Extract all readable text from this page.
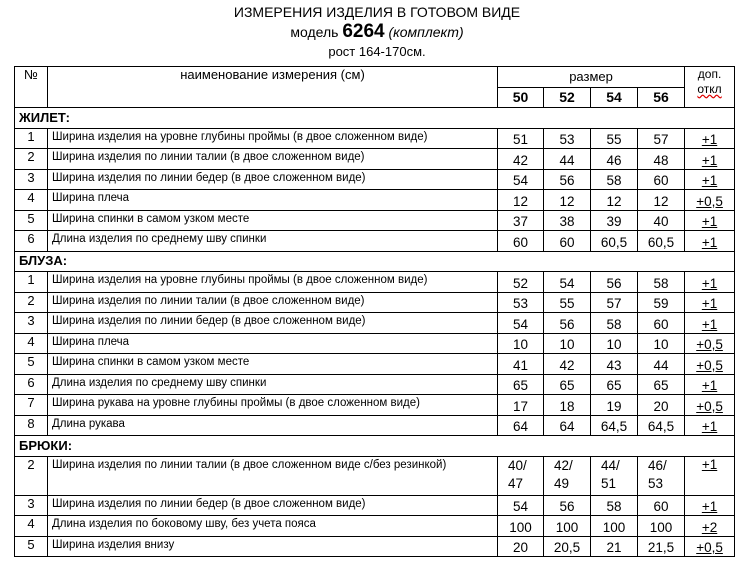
ИЗМЕРЕНИЯ ИЗДЕЛИЯ В ГОТОВОМ ВИДЕ
модель 6264 (комплект)
рост 164-170см.
№	наименование измерения (см)	размер				доп.
откл
		50	52	54	56	
ЖИЛЕТ:						
1	Ширина изделия на уровне глубины проймы (в двое сложенном виде)	51	53	55	57	+1
2	Ширина изделия по линии талии (в двое сложенном виде)	42	44	46	48	+1
3	Ширина изделия по линии бедер (в двое сложенном виде)	54	56	58	60	+1
4	Ширина плеча	12	12	12	12	+0,5
5	Ширина спинки в самом узком месте	37	38	39	40	+1
6	Длина изделия по среднему шву спинки	60	60	60,5	60,5	+1
БЛУЗА:						
1	Ширина изделия на уровне глубины проймы (в двое сложенном виде)	52	54	56	58	+1
2	Ширина изделия по линии талии (в двое сложенном виде)	53	55	57	59	+1
3	Ширина изделия по линии бедер (в двое сложенном виде)	54	56	58	60	+1
4	Ширина плеча	10	10	10	10	+0,5
5	Ширина спинки в самом узком месте	41	42	43	44	+0,5
6	Длина изделия по среднему шву спинки	65	65	65	65	+1
7	Ширина рукава на уровне глубины проймы (в двое сложенном виде)	17	18	19	20	+0,5
8	Длина рукава	64	64	64,5	64,5	+1
БРЮКИ:						
2	Ширина изделия по линии талии (в двое сложенном виде с/без резинкой)	40/ 47	42/ 49	44/ 51	46/ 53	+1
3	Ширина изделия по линии бедер (в двое сложенном виде)	54	56	58	60	+1
4	Длина изделия по боковому шву, без учета пояса	100	100	100	100	+2
5	Ширина изделия внизу	20	20,5	21	21,5	+0,5
